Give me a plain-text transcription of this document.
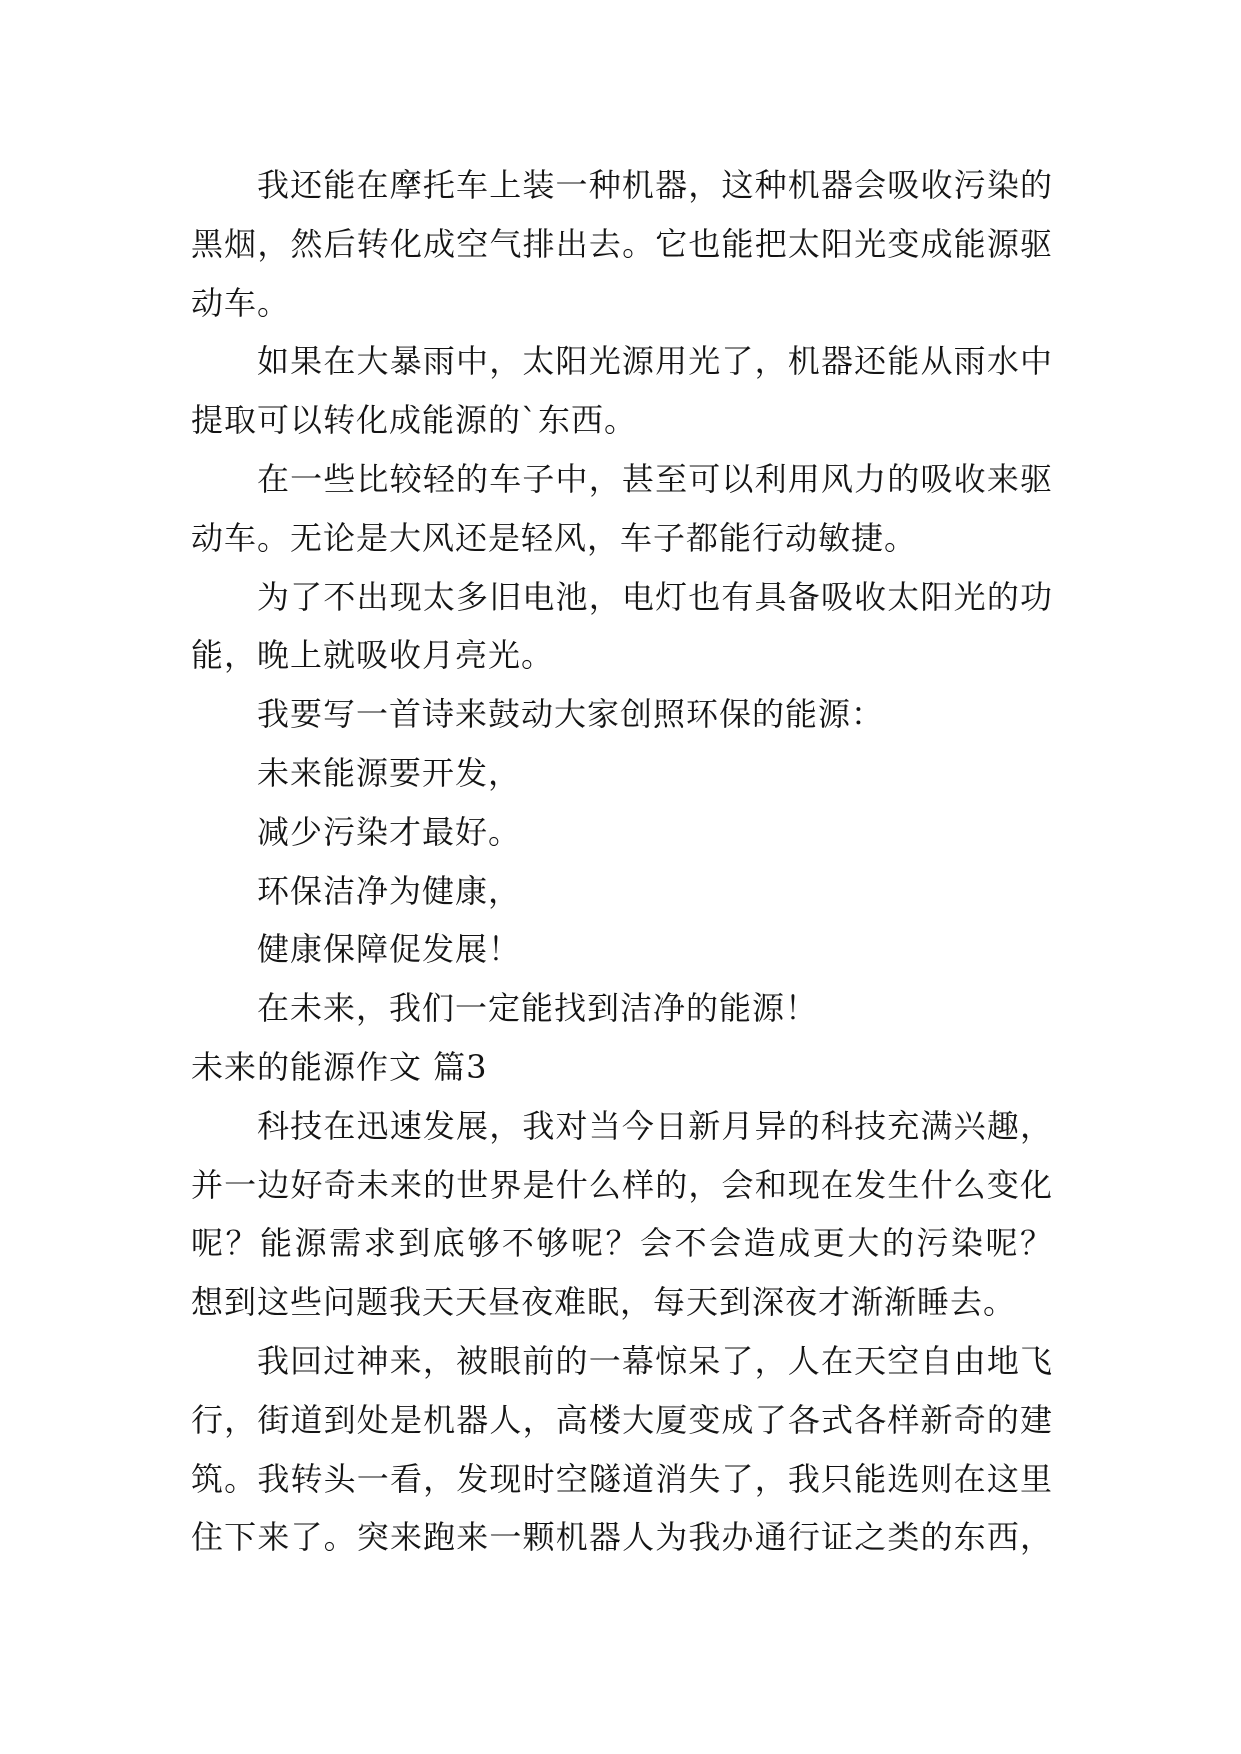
我还能在摩托车上装一种机器，这种机器会吸收污染的
黑烟，然后转化成空气排出去。它也能把太阳光变成能源驱
动车。
如果在大暴雨中，太阳光源用光了，机器还能从雨水中
提取可以转化成能源的`东西。
在一些比较轻的车子中，甚至可以利用风力的吸收来驱
动车。无论是大风还是轻风，车子都能行动敏捷。
为了不出现太多旧电池，电灯也有具备吸收太阳光的功
能，晚上就吸收月亮光。
我要写一首诗来鼓动大家创照环保的能源：
未来能源要开发，
减少污染才最好。
环保洁净为健康，
健康保障促发展！
在未来，我们一定能找到洁净的能源！
未来的能源作文 篇3
科技在迅速发展，我对当今日新月异的科技充满兴趣，
并一边好奇未来的世界是什么样的，会和现在发生什么变化
呢？能源需求到底够不够呢？会不会造成更大的污染呢？
想到这些问题我天天昼夜难眠，每天到深夜才渐渐睡去。
我回过神来，被眼前的一幕惊呆了，人在天空自由地飞
行，街道到处是机器人，高楼大厦变成了各式各样新奇的建
筑。我转头一看，发现时空隧道消失了，我只能选则在这里
住下来了。突来跑来一颗机器人为我办通行证之类的东西，
